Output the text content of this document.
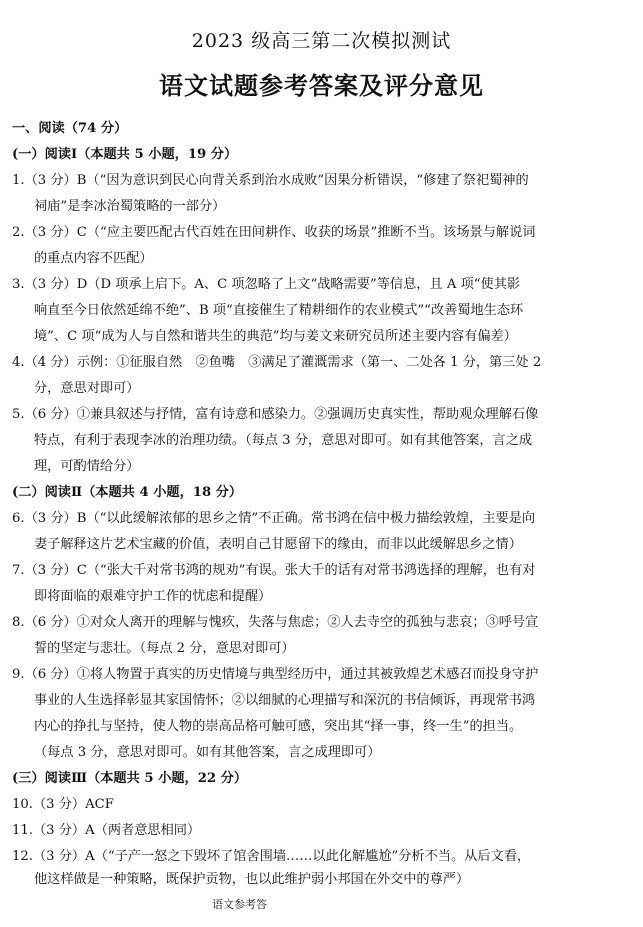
2023 级高三第二次模拟测试
语文试题参考答案及评分意见
一、阅读（74 分）
(一）阅读Ⅰ（本题共 5 小题，19 分）
1.（3 分）B（“因为意识到民心向背关系到治水成败”因果分析错误，“修建了祭祀蜀神的
祠庙”是李冰治蜀策略的一部分）
2.（3 分）C（“应主要匹配古代百姓在田间耕作、收获的场景”推断不当。该场景与解说词
的重点内容不匹配）
3.（3 分）D（D 项承上启下。A、C 项忽略了上文“战略需要”等信息，且 A 项“使其影
响直至今日依然延绵不绝”、B 项“直接催生了精耕细作的农业模式”“改善蜀地生态环
境”、C 项“成为人与自然和谐共生的典范”均与姜文来研究员所述主要内容有偏差）
4.（4 分）示例：①征服自然　②鱼嘴　③满足了灌溉需求（第一、二处各 1 分，第三处 2
分，意思对即可）
5.（6 分）①兼具叙述与抒情，富有诗意和感染力。②强调历史真实性，帮助观众理解石像
特点，有利于表现李冰的治理功绩。（每点 3 分，意思对即可。如有其他答案，言之成
理，可酌情给分）
(二）阅读Ⅱ（本题共 4 小题，18 分）
6.（3 分）B（“以此缓解浓郁的思乡之情”不正确。常书鸿在信中极力描绘敦煌，主要是向
妻子解释这片艺术宝藏的价值，表明自己甘愿留下的缘由，而非以此缓解思乡之情）
7.（3 分）C（“张大千对常书鸿的规劝”有误。张大千的话有对常书鸿选择的理解，也有对
即将面临的艰难守护工作的忧虑和提醒）
8.（6 分）①对众人离开的理解与愧疚，失落与焦虑；②人去寺空的孤独与悲哀；③呼号宣
誓的坚定与悲壮。（每点 2 分，意思对即可）
9.（6 分）①将人物置于真实的历史情境与典型经历中，通过其被敦煌艺术感召而投身守护
事业的人生选择彰显其家国情怀；②以细腻的心理描写和深沉的书信倾诉，再现常书鸿
内心的挣扎与坚持，使人物的崇高品格可触可感，突出其“择一事，终一生”的担当。
（每点 3 分，意思对即可。如有其他答案，言之成理即可）
(三）阅读Ⅲ（本题共 5 小题，22 分）
10.（3 分）ACF
11.（3 分）A（两者意思相同）
12.（3 分）A（“子产一怒之下毁坏了馆舍围墙……以此化解尴尬”分析不当。从后文看，
他这样做是一种策略，既保护贡物，也以此维护弱小邦国在外交中的尊严）
语文参考答
